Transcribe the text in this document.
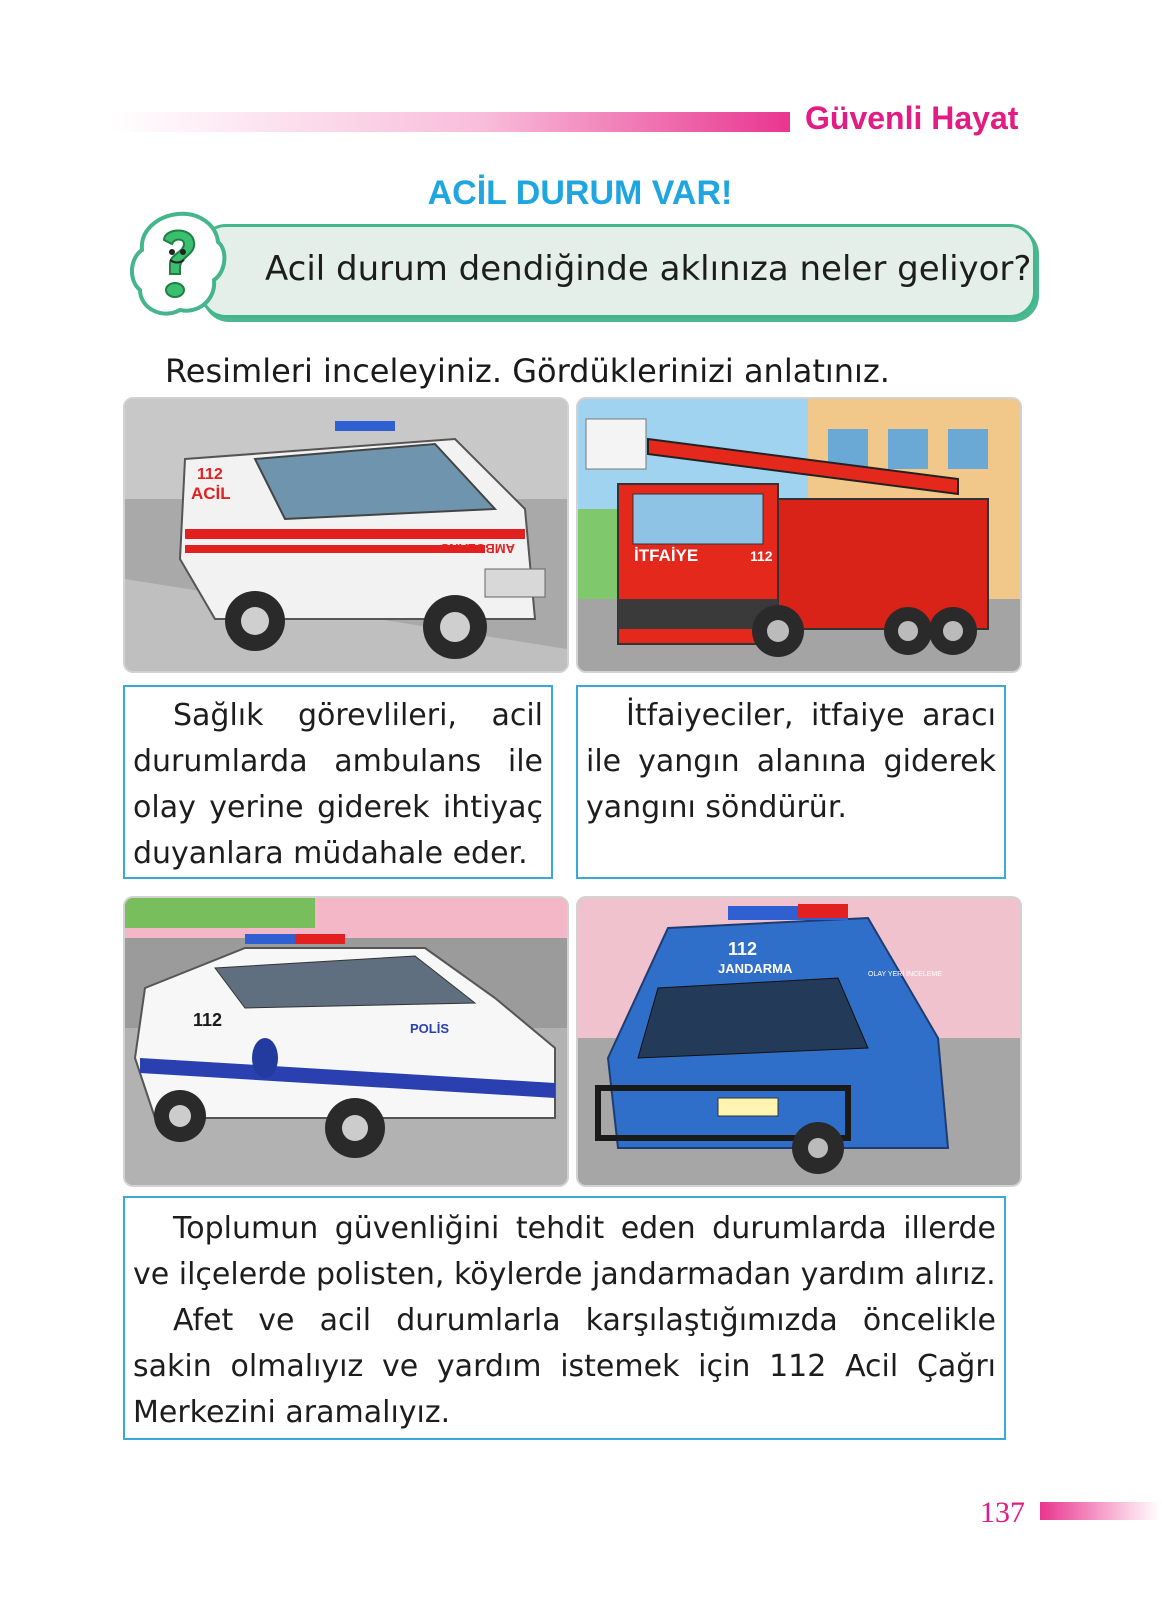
Güvenli Hayat
ACİL DURUM VAR!
Acil durum dendiğinde aklınıza neler geliyor?
Resimleri inceleyiniz. Gördüklerinizi anlatınız.
112
ACİL
AMBULANS	İTFAİYE	112

Sağlık görevlileri, acil durumlarda ambulans ile olay yerine giderek ihtiyaç duyanlara müdahale eder.

İtfaiyeciler, itfaiye aracı ile yangın alanına giderek yangını söndürür.

112	POLİS
112
JANDARMA	OLAY YERİ İNCELEME

Toplumun güvenliğini tehdit eden durumlarda illerde ve ilçelerde polisten, köylerde jandarmadan yardım alırız.

Afet ve acil durumlarla karşılaştığımızda öncelikle sakin olmalıyız ve yardım istemek için 112 Acil Çağrı Merkezini aramalıyız.

137
